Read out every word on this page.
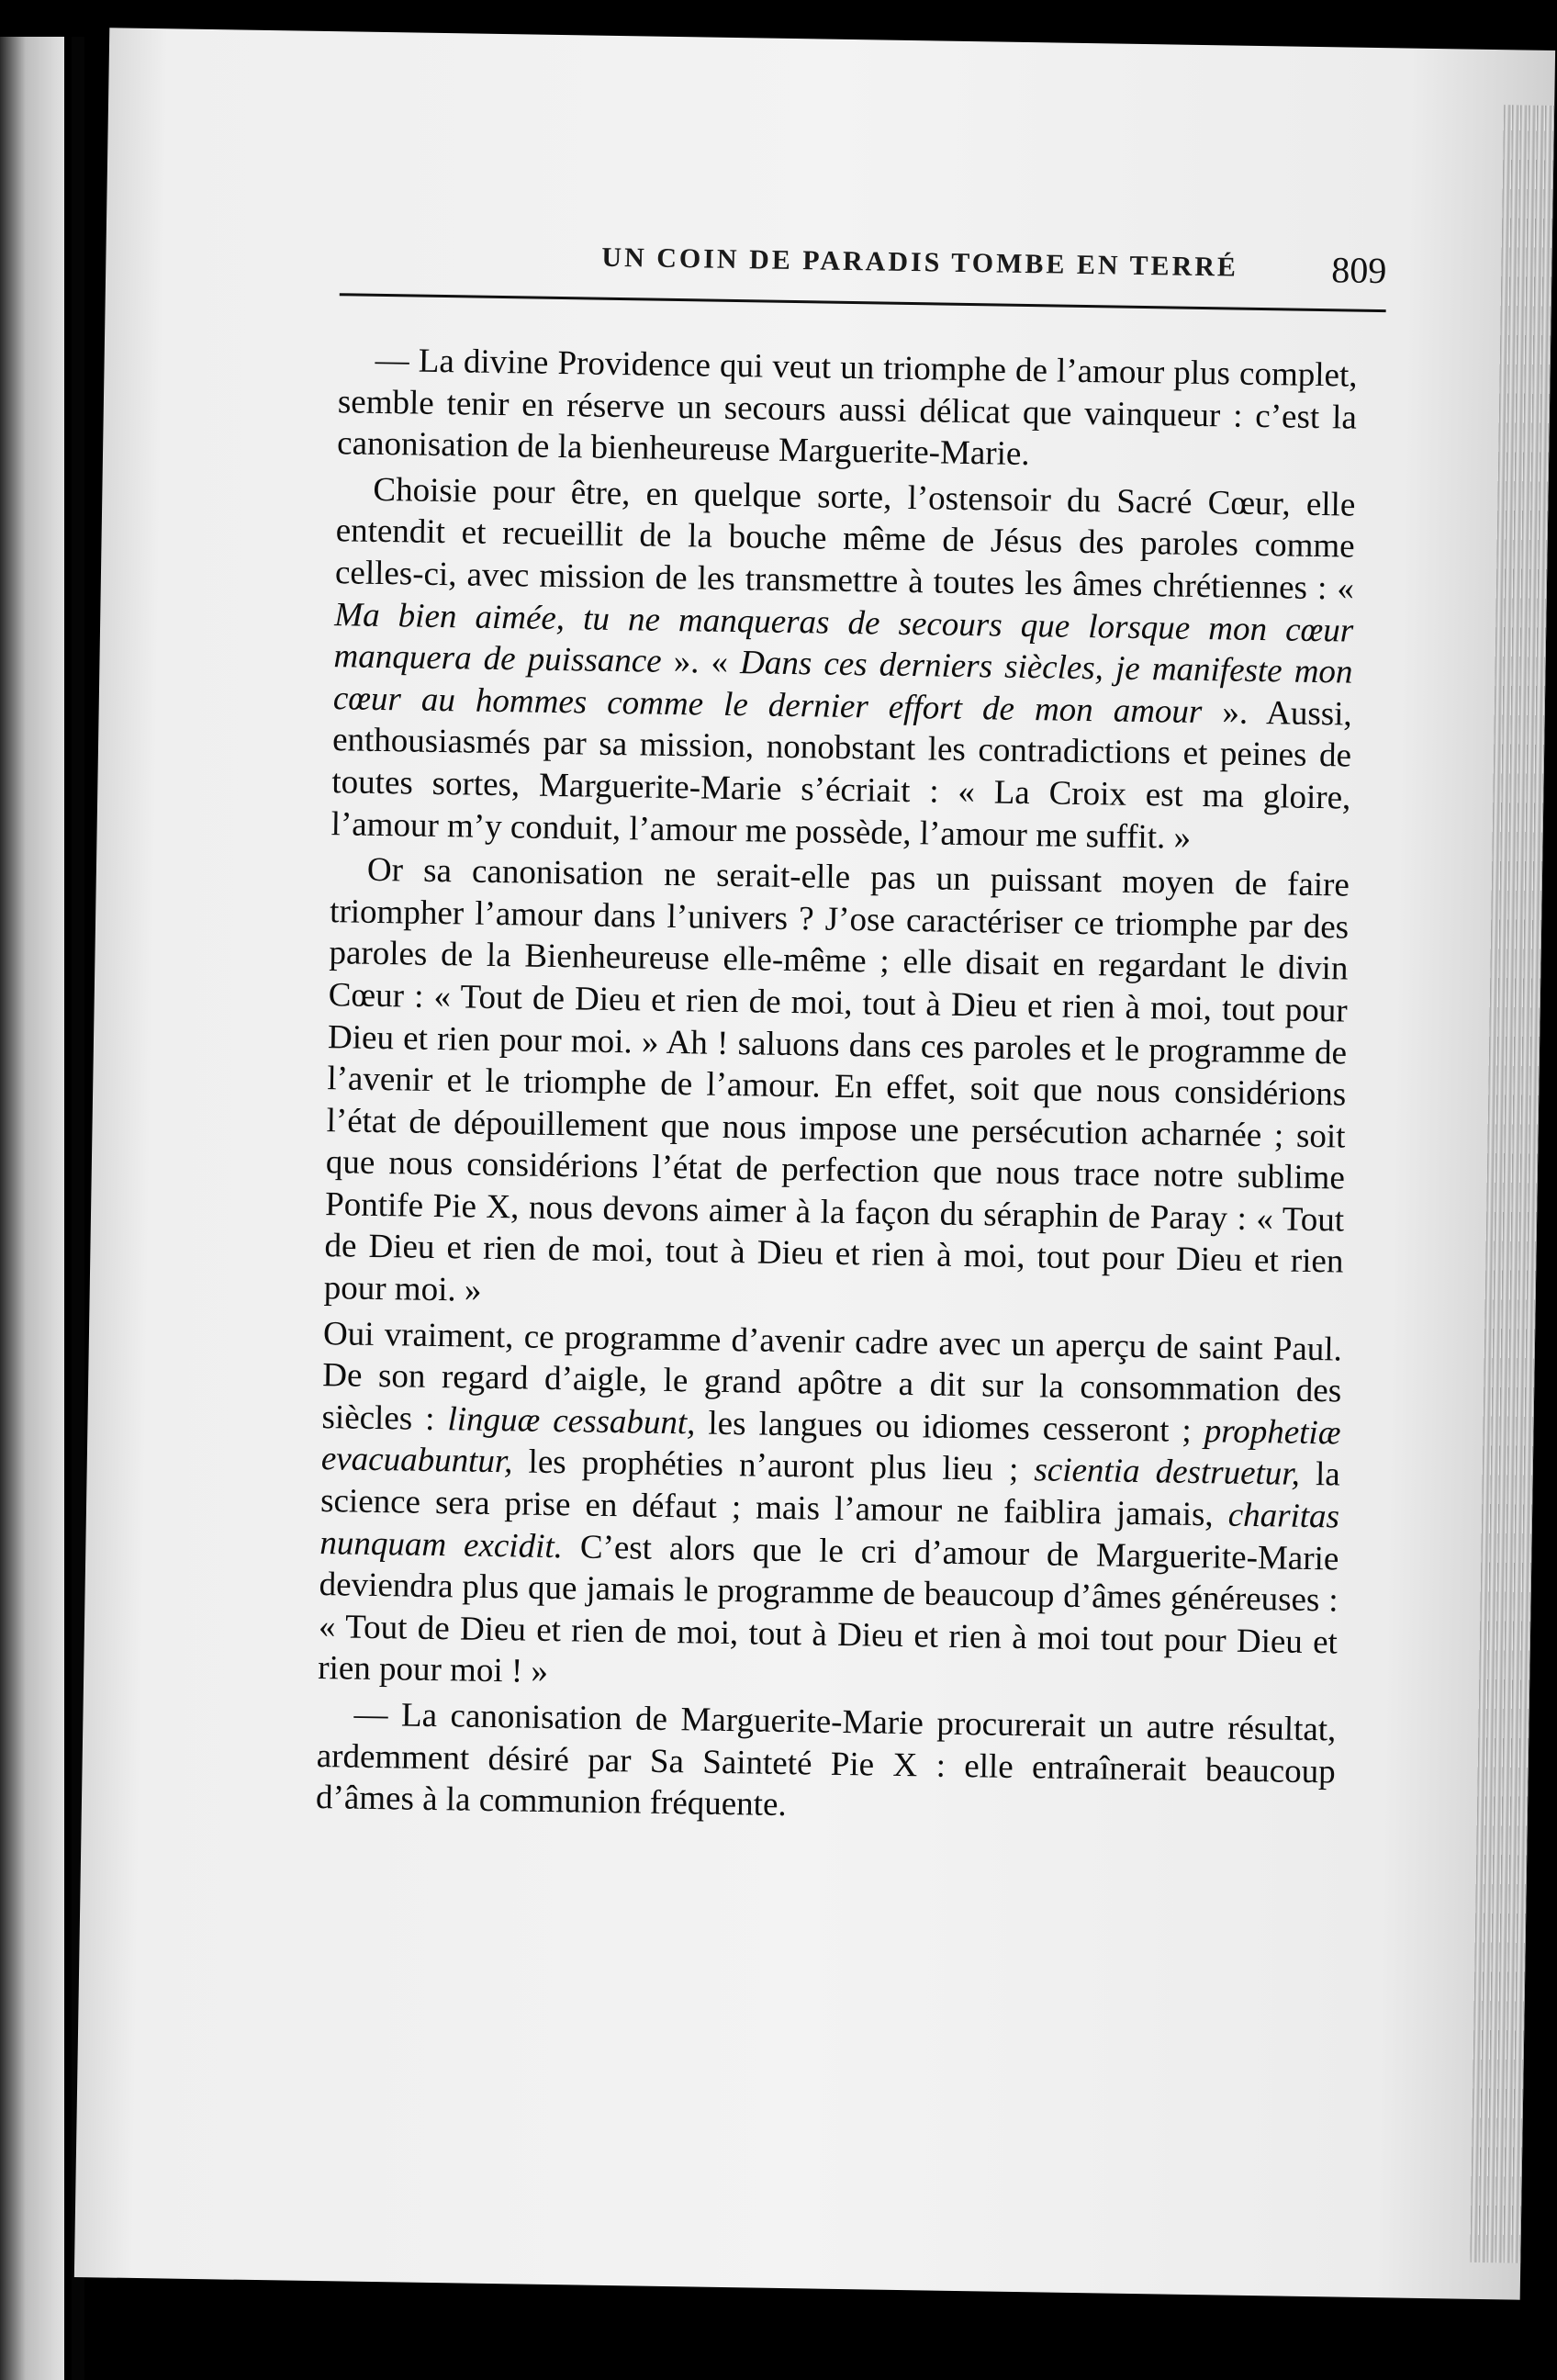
UN COIN DE PARADIS TOMBE EN TERRÉ	809

— La divine Providence qui veut un triomphe de l’amour plus complet, semble tenir en réserve un secours aussi délicat que vainqueur : c’est la canonisation de la bienheureuse Marguerite-Marie.

Choisie pour être, en quelque sorte, l’ostensoir du Sacré Cœur, elle entendit et recueillit de la bouche même de Jésus des paroles comme celles-ci, avec mission de les transmettre à toutes les âmes chrétiennes : « Ma bien aimée, tu ne manqueras de secours que lorsque mon cœur manquera de puissance ». « Dans ces derniers siècles, je manifeste mon cœur au hommes comme le dernier effort de mon amour ». Aussi, enthousiasmés par sa mission, nonobstant les contradictions et peines de toutes sortes, Marguerite-Marie s’écriait : « La Croix est ma gloire, l’amour m’y conduit, l’amour me possède, l’amour me suffit. »

Or sa canonisation ne serait-elle pas un puissant moyen de faire triompher l’amour dans l’univers ? J’ose caractériser ce triomphe par des paroles de la Bienheureuse elle-même ; elle disait en regardant le divin Cœur : « Tout de Dieu et rien de moi, tout à Dieu et rien à moi, tout pour Dieu et rien pour moi. » Ah ! saluons dans ces paroles et le programme de l’avenir et le triomphe de l’amour. En effet, soit que nous considérions l’état de dépouillement que nous impose une persécution acharnée ; soit que nous considérions l’état de perfection que nous trace notre sublime Pontife Pie X, nous devons aimer à la façon du séraphin de Paray : « Tout de Dieu et rien de moi, tout à Dieu et rien à moi, tout pour Dieu et rien pour moi. »

Oui vraiment, ce programme d’avenir cadre avec un aperçu de saint Paul. De son regard d’aigle, le grand apôtre a dit sur la consommation des siècles : linguæ cessabunt, les langues ou idiomes cesseront ; prophetiæ evacuabuntur, les prophéties n’auront plus lieu ; scientia destruetur, la science sera prise en défaut ; mais l’amour ne faiblira jamais, charitas nunquam excidit. C’est alors que le cri d’amour de Marguerite-Marie deviendra plus que jamais le programme de beaucoup d’âmes généreuses : « Tout de Dieu et rien de moi, tout à Dieu et rien à moi tout pour Dieu et rien pour moi ! »

— La canonisation de Marguerite-Marie procurerait un autre résultat, ardemment désiré par Sa Sainteté Pie X : elle entraînerait beaucoup d’âmes à la communion fréquente.
